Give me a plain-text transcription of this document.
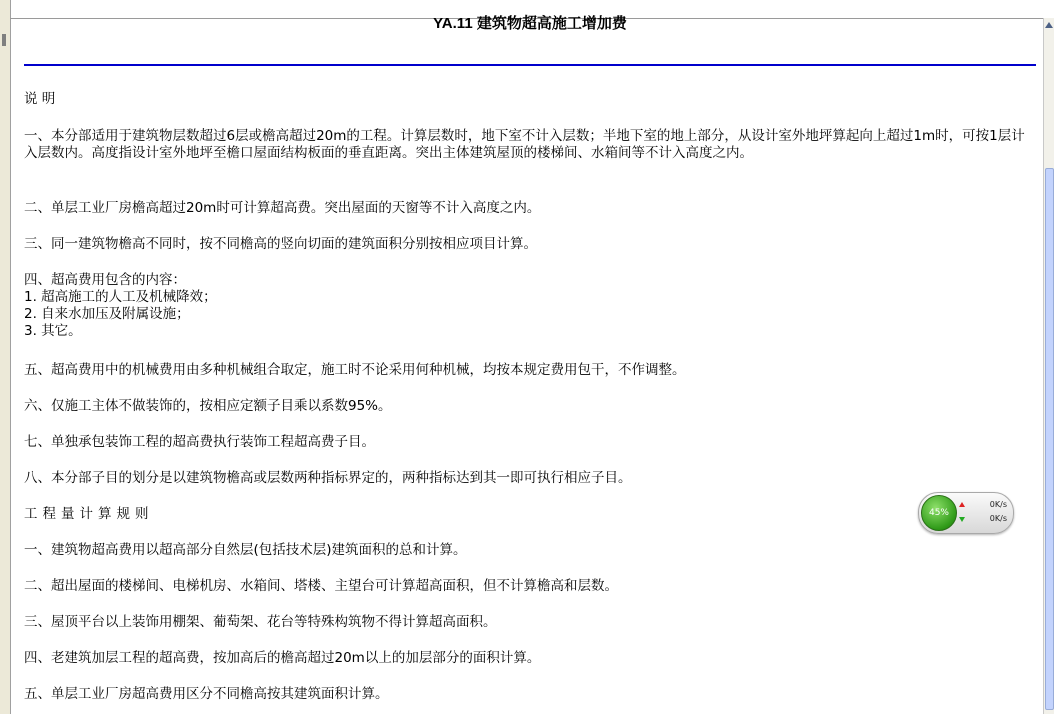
YA.11 建筑物超高施工增加费

说 明

一、本分部适用于建筑物层数超过6层或檐高超过20m的工程。计算层数时，地下室不计入层数；半地下室的地上部分，从设计室外地坪算起向上超过1m时，可按1层计入层数内。高度指设计室外地坪至檐口屋面结构板面的垂直距离。突出主体建筑屋顶的楼梯间、水箱间等不计入高度之内。

二、单层工业厂房檐高超过20m时可计算超高费。突出屋面的天窗等不计入高度之内。

三、同一建筑物檐高不同时，按不同檐高的竖向切面的建筑面积分别按相应项目计算。

四、超高费用包含的内容：
1. 超高施工的人工及机械降效；
2. 自来水加压及附属设施；
3. 其它。

五、超高费用中的机械费用由多种机械组合取定，施工时不论采用何种机械，均按本规定费用包干，不作调整。

六、仅施工主体不做装饰的，按相应定额子目乘以系数95%。

七、单独承包装饰工程的超高费执行装饰工程超高费子目。

八、本分部子目的划分是以建筑物檐高或层数两种指标界定的，两种指标达到其一即可执行相应子目。

工程量计算规则

一、建筑物超高费用以超高部分自然层(包括技术层)建筑面积的总和计算。

二、超出屋面的楼梯间、电梯机房、水箱间、塔楼、主望台可计算超高面积，但不计算檐高和层数。

三、屋顶平台以上装饰用棚架、葡萄架、花台等特殊构筑物不得计算超高面积。

四、老建筑加层工程的超高费，按加高后的檐高超过20m以上的加层部分的面积计算。

五、单层工业厂房超高费用区分不同檐高按其建筑面积计算。

45%
0K/s
0K/s
